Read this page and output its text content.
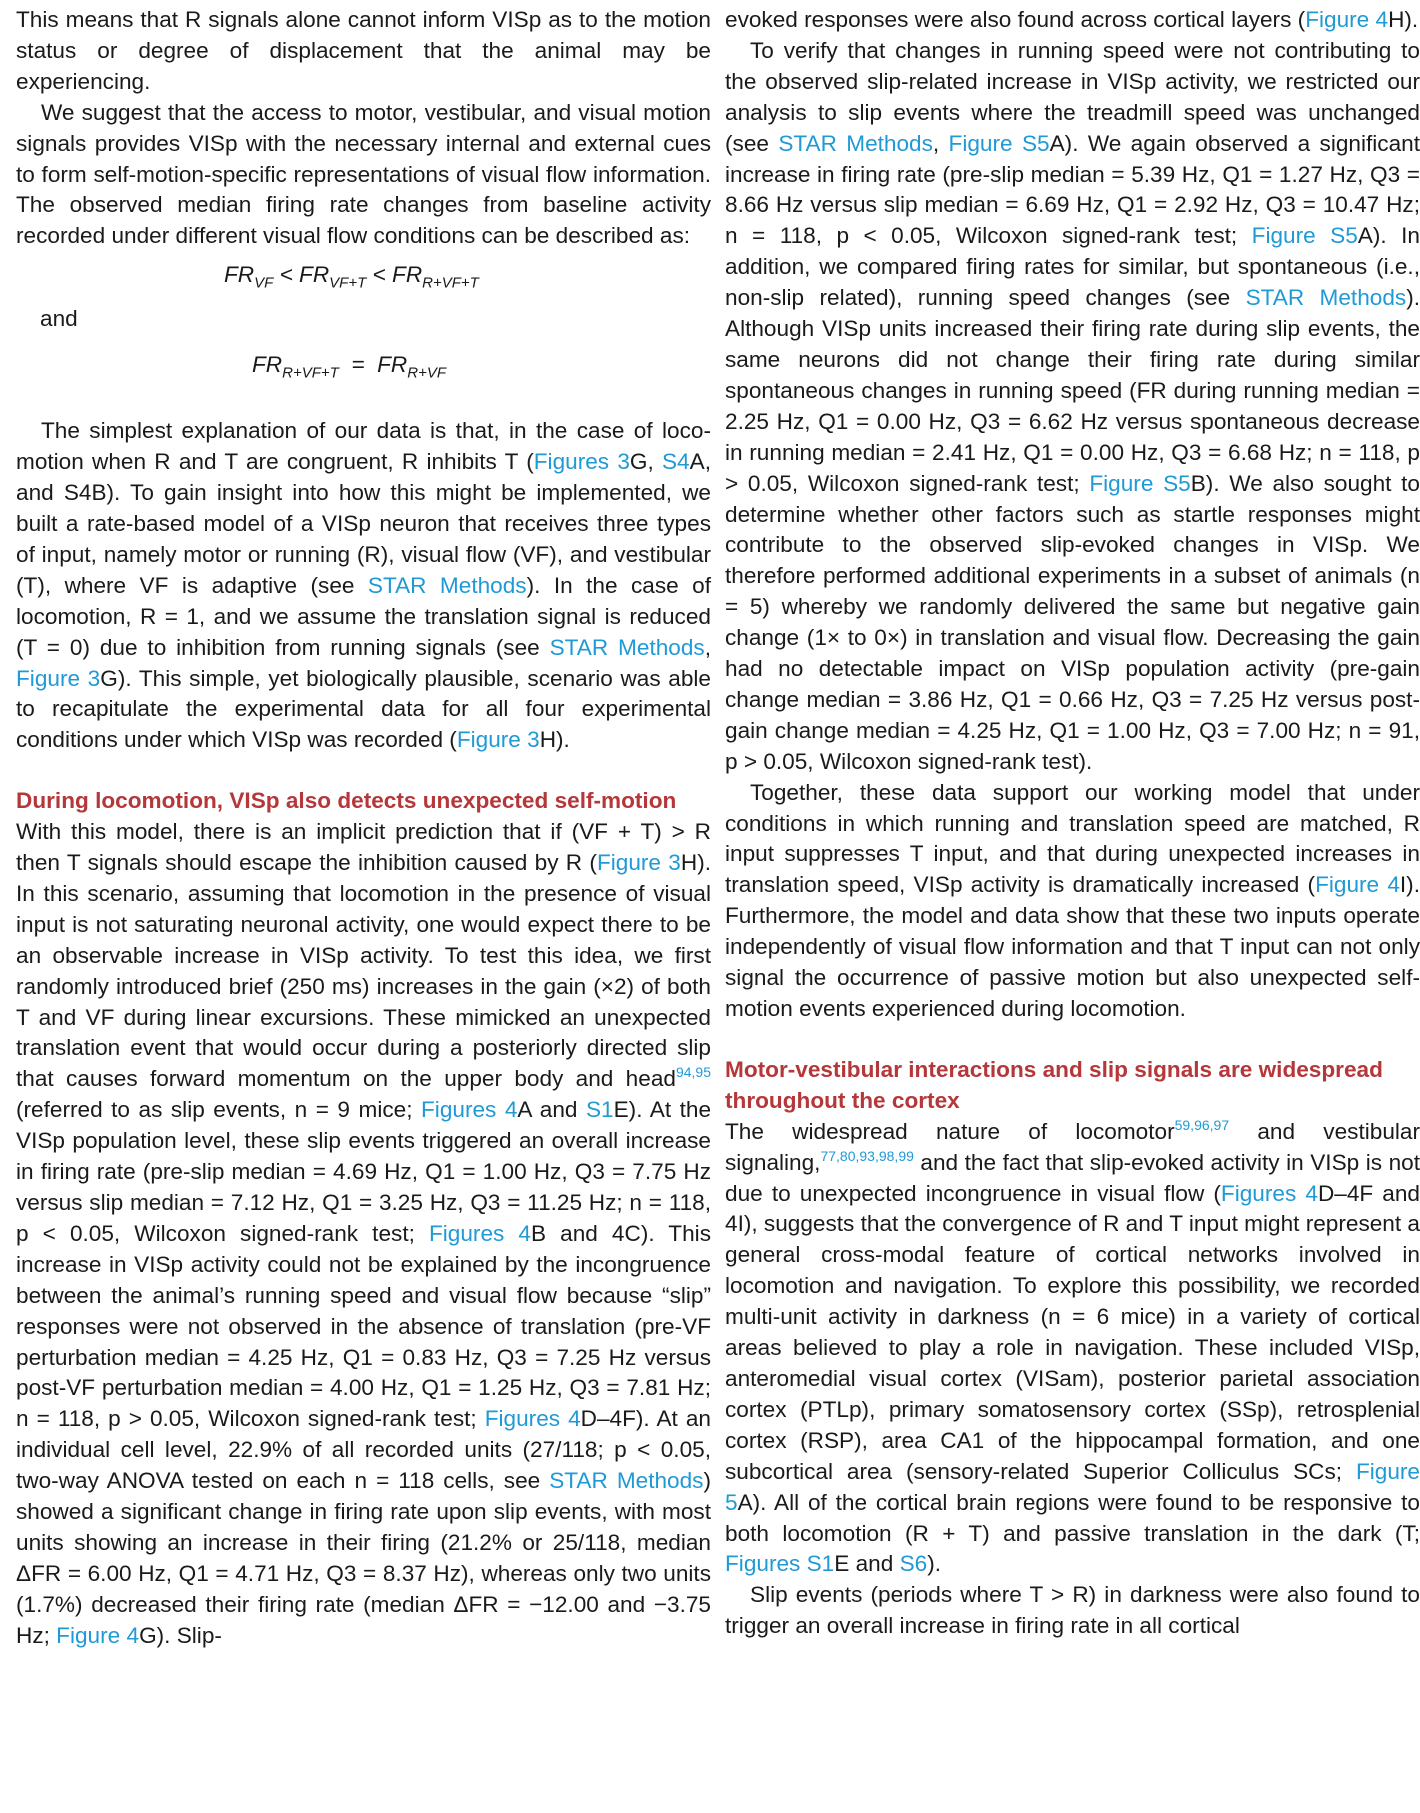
This means that R signals alone cannot inform VISp as to the motion status or degree of displacement that the animal may be experiencing.

We suggest that the access to motor, vestibular, and visual motion signals provides VISp with the necessary internal and external cues to form self-motion-specific representations of visual flow information. The observed median firing rate changes from baseline activity recorded under different visual flow conditions can be described as:

$FR_{VF} < FR_{VF+T} < FR_{R+VF+T}$
and
$FR_{R+VF+T} = FR_{R+VF}$

The simplest explanation of our data is that, in the case of locomotion when R and T are congruent, R inhibits T (Figures 3G, S4A, and S4B). To gain insight into how this might be implemented, we built a rate-based model of a VISp neuron that receives three types of input, namely motor or running (R), visual flow (VF), and vestibular (T), where VF is adaptive (see STAR Methods). In the case of locomotion, R = 1, and we assume the translation signal is reduced (T = 0) due to inhibition from running signals (see STAR Methods, Figure 3G). This simple, yet biologically plausible, scenario was able to recapitulate the experimental data for all four experimental conditions under which VISp was recorded (Figure 3H).

During locomotion, VISp also detects unexpected self-motion

With this model, there is an implicit prediction that if (VF + T) > R then T signals should escape the inhibition caused by R (Figure 3H). In this scenario, assuming that locomotion in the presence of visual input is not saturating neuronal activity, one would expect there to be an observable increase in VISp activity. To test this idea, we first randomly introduced brief (250 ms) increases in the gain (×2) of both T and VF during linear excursions. These mimicked an unexpected translation event that would occur during a posteriorly directed slip that causes forward momentum on the upper body and head$^{94,95}$ (referred to as slip events, n = 9 mice; Figures 4A and S1E). At the VISp population level, these slip events triggered an overall increase in firing rate (pre-slip median = 4.69 Hz, Q1 = 1.00 Hz, Q3 = 7.75 Hz versus slip median = 7.12 Hz, Q1 = 3.25 Hz, Q3 = 11.25 Hz; n = 118, p < 0.05, Wilcoxon signed-rank test; Figures 4B and 4C). This increase in VISp activity could not be explained by the incongruence between the animal’s running speed and visual flow because “slip” responses were not observed in the absence of translation (pre-VF perturbation median = 4.25 Hz, Q1 = 0.83 Hz, Q3 = 7.25 Hz versus post-VF perturbation median = 4.00 Hz, Q1 = 1.25 Hz, Q3 = 7.81 Hz; n = 118, p > 0.05, Wilcoxon signed-rank test; Figures 4D–4F). At an individual cell level, 22.9% of all recorded units (27/118; p < 0.05, two-way ANOVA tested on each n = 118 cells, see STAR Methods) showed a significant change in firing rate upon slip events, with most units showing an increase in their firing (21.2% or 25/118, median ΔFR = 6.00 Hz, Q1 = 4.71 Hz, Q3 = 8.37 Hz), whereas only two units (1.7%) decreased their firing rate (median ΔFR = −12.00 and −3.75 Hz; Figure 4G). Slip-

evoked responses were also found across cortical layers (Figure 4H).

To verify that changes in running speed were not contributing to the observed slip-related increase in VISp activity, we restricted our analysis to slip events where the treadmill speed was unchanged (see STAR Methods, Figure S5A). We again observed a significant increase in firing rate (pre-slip median = 5.39 Hz, Q1 = 1.27 Hz, Q3 = 8.66 Hz versus slip median = 6.69 Hz, Q1 = 2.92 Hz, Q3 = 10.47 Hz; n = 118, p < 0.05, Wilcoxon signed-rank test; Figure S5A). In addition, we compared firing rates for similar, but spontaneous (i.e., non-slip related), running speed changes (see STAR Methods). Although VISp units increased their firing rate during slip events, the same neurons did not change their firing rate during similar spontaneous changes in running speed (FR during running median = 2.25 Hz, Q1 = 0.00 Hz, Q3 = 6.62 Hz versus spontaneous decrease in running median = 2.41 Hz, Q1 = 0.00 Hz, Q3 = 6.68 Hz; n = 118, p > 0.05, Wilcoxon signed-rank test; Figure S5B). We also sought to determine whether other factors such as startle responses might contribute to the observed slip-evoked changes in VISp. We therefore performed additional experiments in a subset of animals (n = 5) whereby we randomly delivered the same but negative gain change (1× to 0×) in translation and visual flow. Decreasing the gain had no detectable impact on VISp population activity (pre-gain change median = 3.86 Hz, Q1 = 0.66 Hz, Q3 = 7.25 Hz versus post-gain change median = 4.25 Hz, Q1 = 1.00 Hz, Q3 = 7.00 Hz; n = 91, p > 0.05, Wilcoxon signed-rank test).

Together, these data support our working model that under conditions in which running and translation speed are matched, R input suppresses T input, and that during unexpected increases in translation speed, VISp activity is dramatically increased (Figure 4I). Furthermore, the model and data show that these two inputs operate independently of visual flow information and that T input can not only signal the occurrence of passive motion but also unexpected self-motion events experienced during locomotion.

Motor-vestibular interactions and slip signals are widespread throughout the cortex

The widespread nature of locomotor$^{59,96,97}$ and vestibular signaling,$^{77,80,93,98,99}$ and the fact that slip-evoked activity in VISp is not due to unexpected incongruence in visual flow (Figures 4D–4F and 4I), suggests that the convergence of R and T input might represent a general cross-modal feature of cortical networks involved in locomotion and navigation. To explore this possibility, we recorded multi-unit activity in darkness (n = 6 mice) in a variety of cortical areas believed to play a role in navigation. These included VISp, anteromedial visual cortex (VISam), posterior parietal association cortex (PTLp), primary somatosensory cortex (SSp), retrosplenial cortex (RSP), area CA1 of the hippocampal formation, and one subcortical area (sensory-related Superior Colliculus SCs; Figure 5A). All of the cortical brain regions were found to be responsive to both locomotion (R + T) and passive translation in the dark (T; Figures S1E and S6).

Slip events (periods where T > R) in darkness were also found to trigger an overall increase in firing rate in all cortical
